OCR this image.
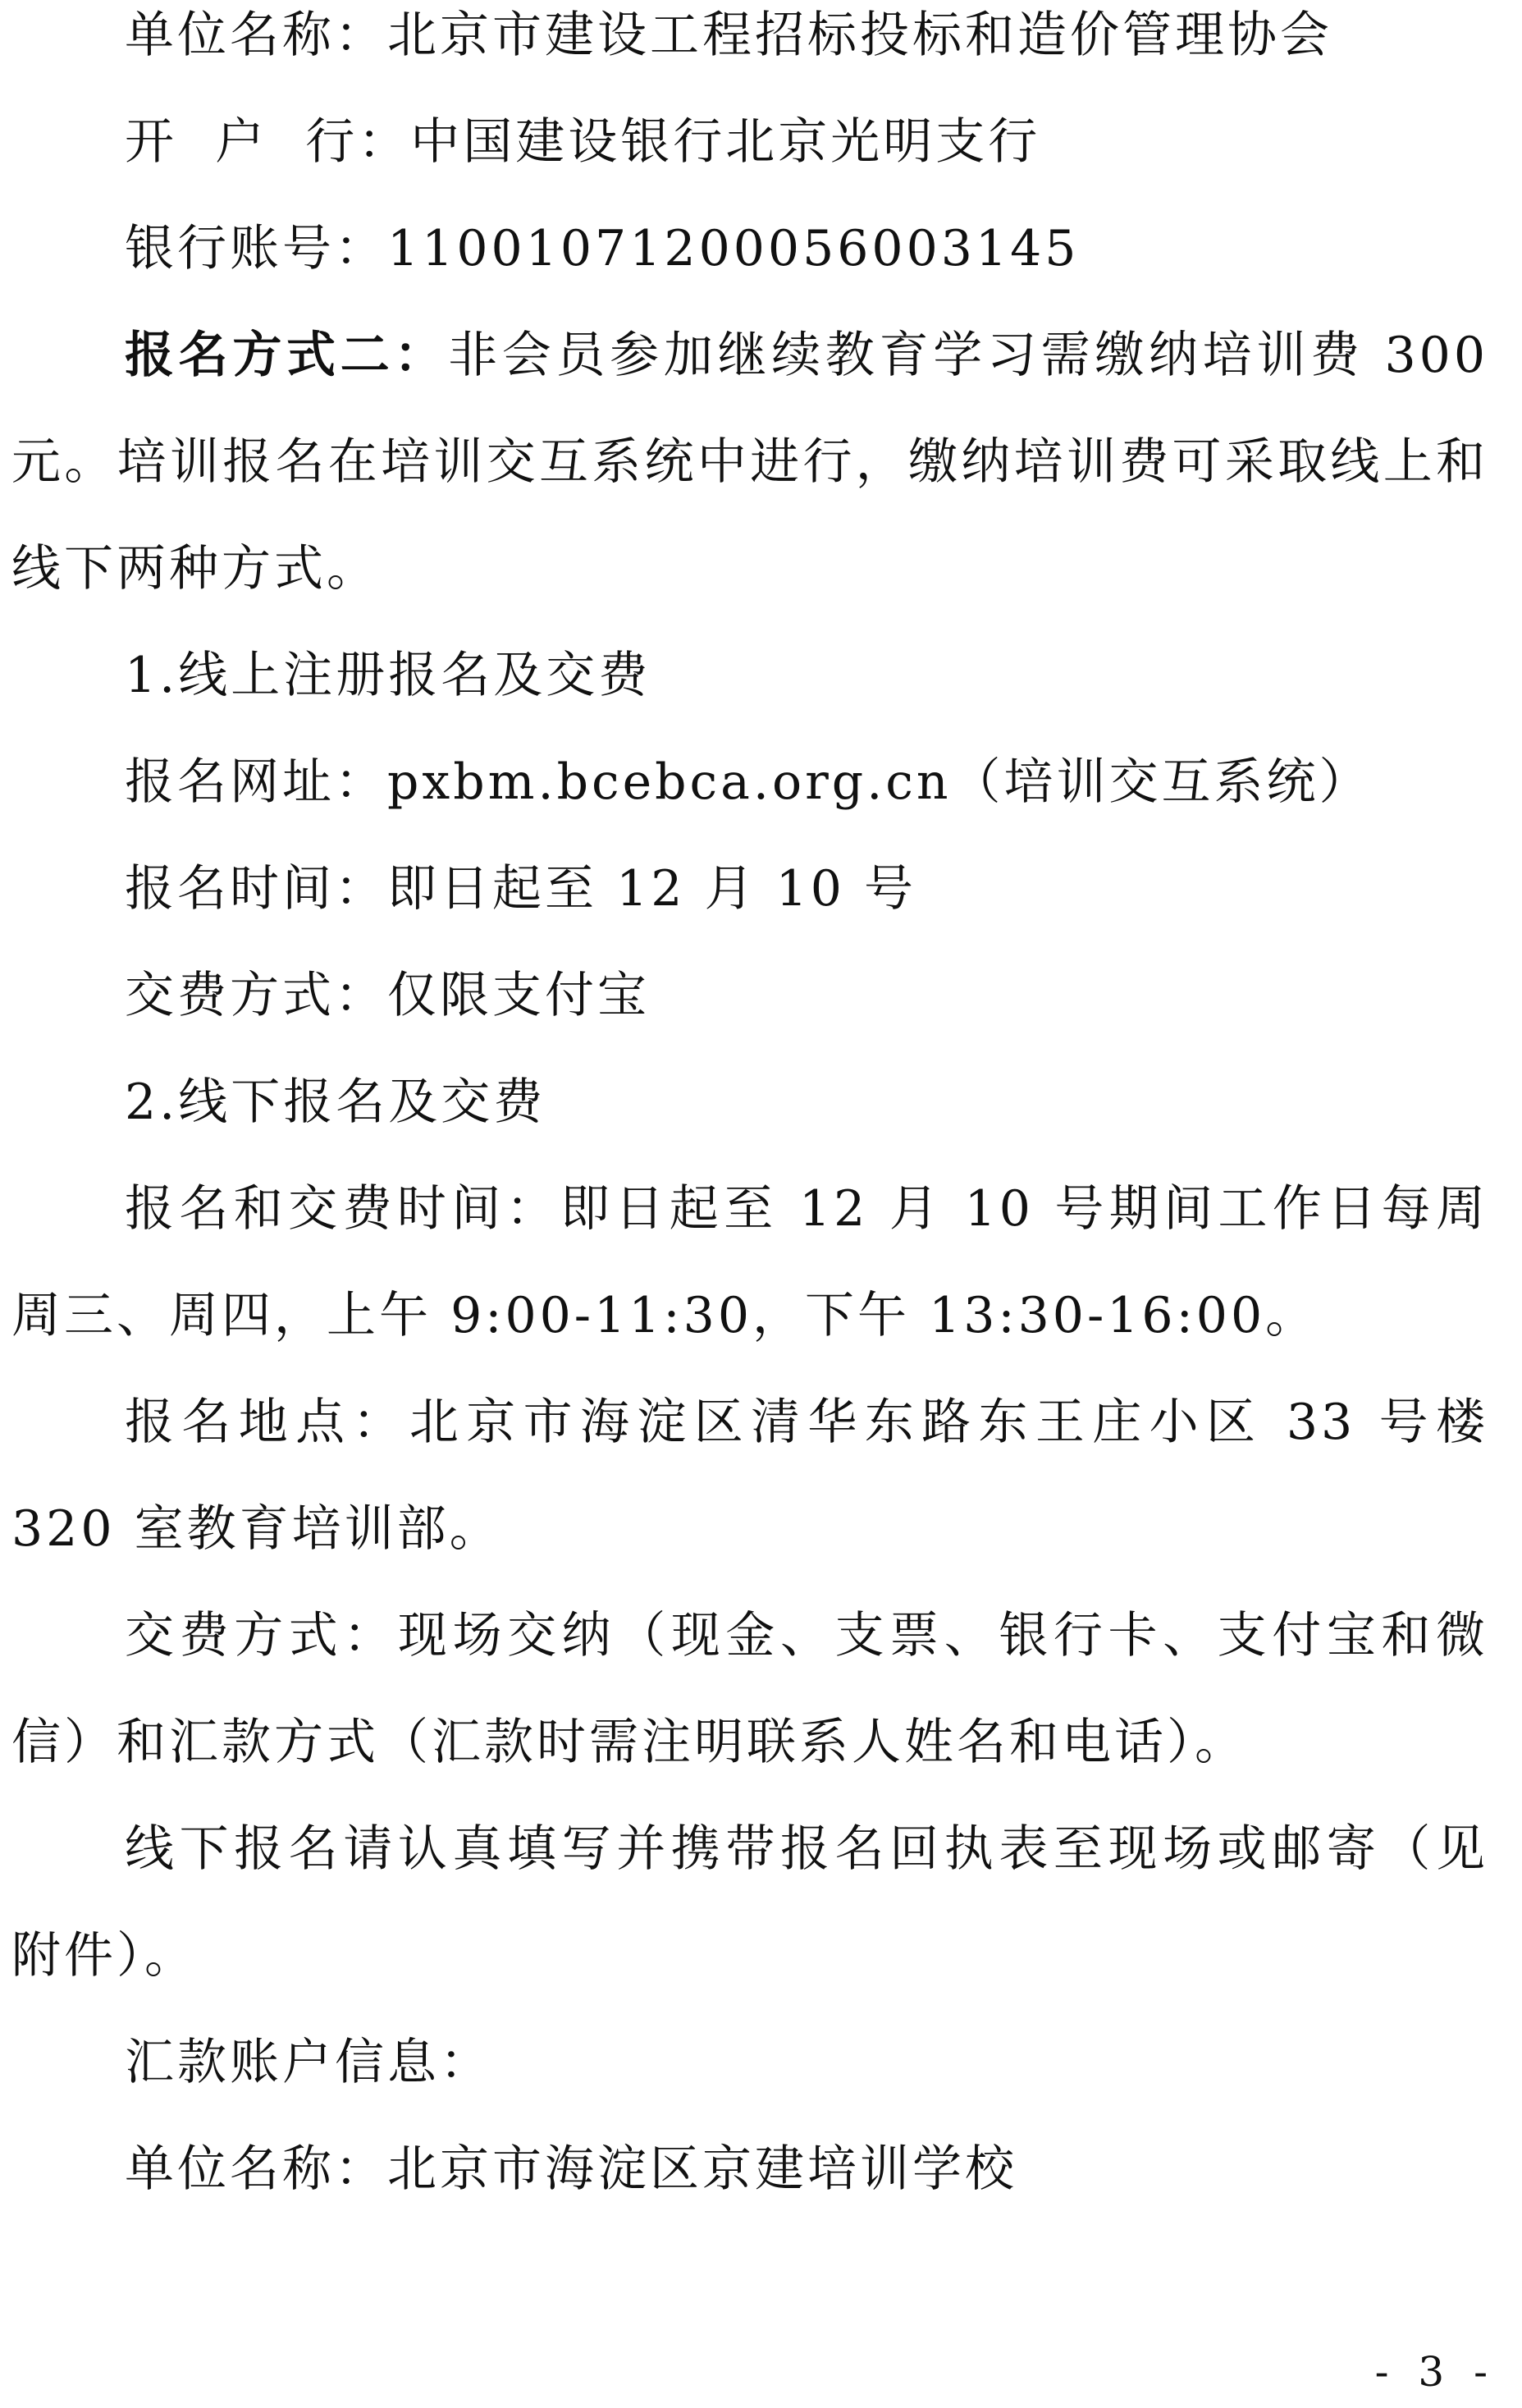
单位名称：北京市建设工程招标投标和造价管理协会

开  户  行：中国建设银行北京光明支行

银行账号：11001071200056003145

报名方式二：非会员参加继续教育学习需缴纳培训费 300 元。培训报名在培训交互系统中进行，缴纳培训费可采取线上和线下两种方式。

1.线上注册报名及交费

报名网址：pxbm.bcebca.org.cn（培训交互系统）

报名时间：即日起至 12 月 10 号

交费方式：仅限支付宝

2.线下报名及交费

报名和交费时间：即日起至 12 月 10 号期间工作日每周周三、周四，上午 9:00-11:30，下午 13:30-16:00。

报名地点：北京市海淀区清华东路东王庄小区 33 号楼 320 室教育培训部。

交费方式：现场交纳（现金、支票、银行卡、支付宝和微信）和汇款方式（汇款时需注明联系人姓名和电话）。

线下报名请认真填写并携带报名回执表至现场或邮寄（见附件）。

汇款账户信息：

单位名称：北京市海淀区京建培训学校

- 3 -
